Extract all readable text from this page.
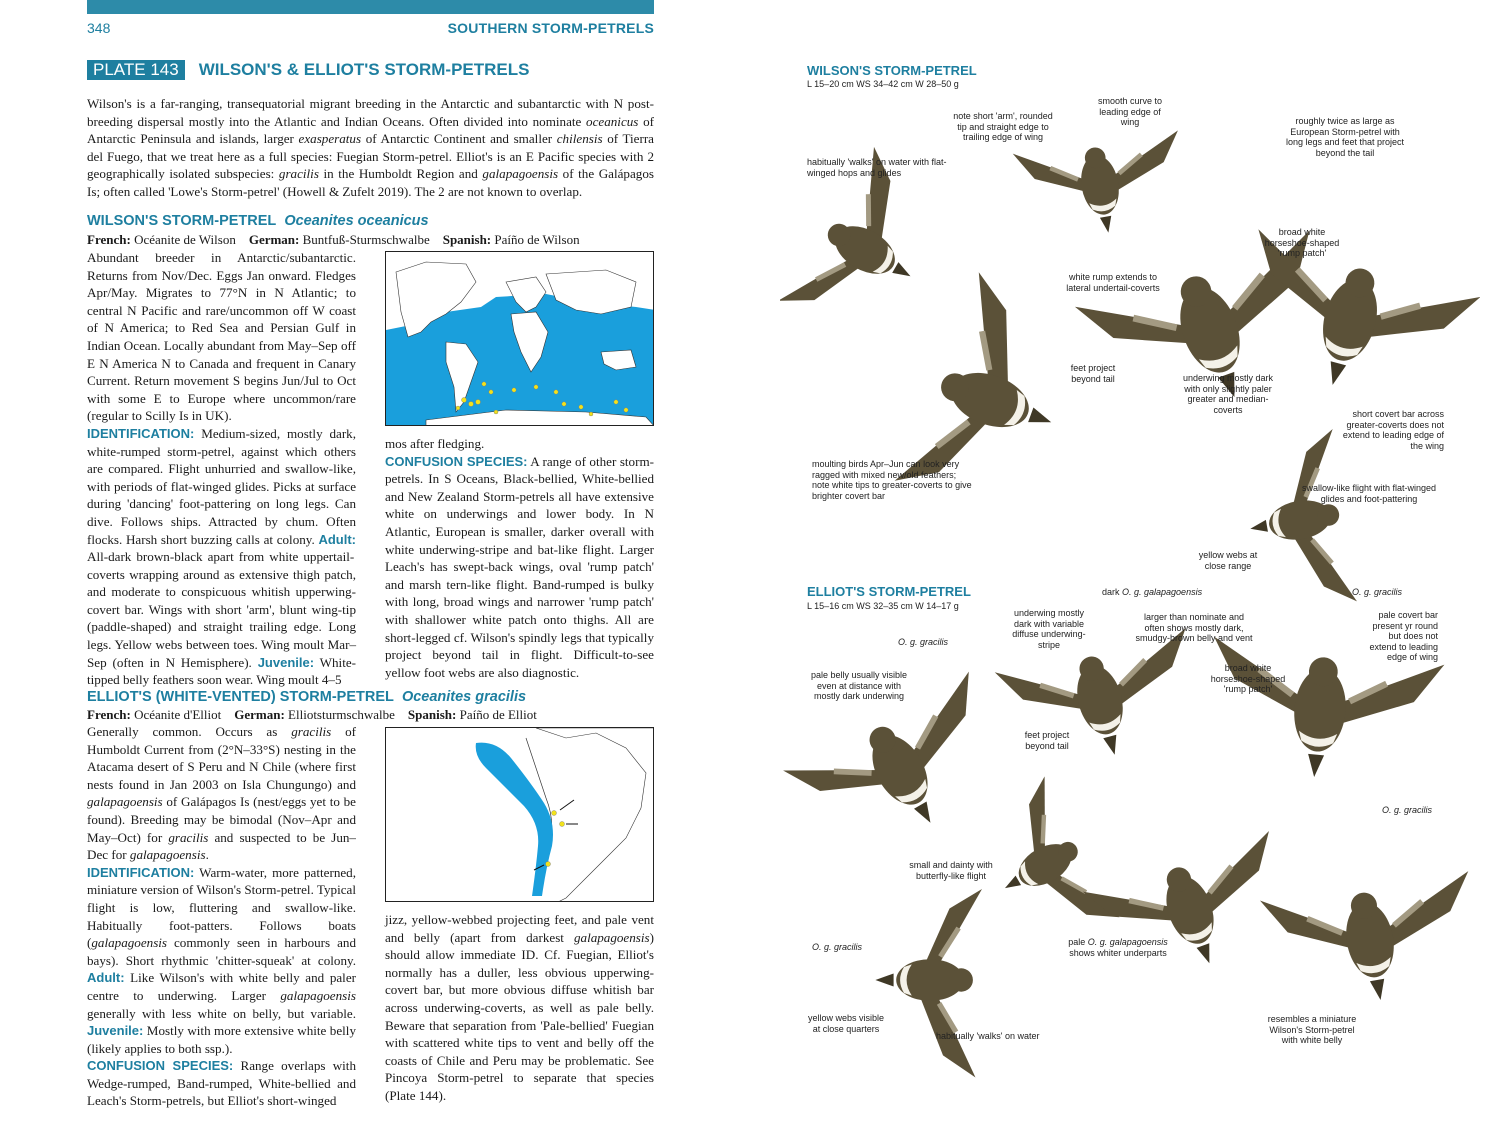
348	SOUTHERN STORM-PETRELS
PLATE 143	WILSON'S & ELLIOT'S STORM-PETRELS
Wilson's is a far-ranging, transequatorial migrant breeding in the Antarctic and subantarctic with N post-breeding dispersal mostly into the Atlantic and Indian Oceans. Often divided into nominate oceanicus of Antarctic Peninsula and islands, larger exasperatus of Antarctic Continent and smaller chilensis of Tierra del Fuego, that we treat here as a full species: Fuegian Storm-petrel. Elliot's is an E Pacific species with 2 geographically isolated subspecies: gracilis in the Humboldt Region and galapagoensis of the Galápagos Is; often called 'Lowe's Storm-petrel' (Howell & Zufelt 2019). The 2 are not known to overlap.
WILSON'S STORM-PETREL Oceanites oceanicus
French: Océanite de Wilson German: Buntfuß-Sturmschwalbe Spanish: Paíño de Wilson

Abundant breeder in Antarctic/subantarctic. Returns from Nov/Dec. Eggs Jan onward. Fledges Apr/May. Migrates to 77°N in N Atlantic; to central N Pacific and rare/uncommon off W coast of N America; to Red Sea and Persian Gulf in Indian Ocean. Locally abundant from May–Sep off E N America N to Canada and frequent in Canary Current. Return movement S begins Jun/Jul to Oct with some E to Europe where uncommon/rare (regular to Scilly Is in UK).

IDENTIFICATION: Medium-sized, mostly dark, white-rumped storm-petrel, against which others are compared. Flight unhurried and swallow-like, with periods of flat-winged glides. Picks at surface during 'dancing' foot-pattering on long legs. Can dive. Follows ships. Attracted by chum. Often flocks. Harsh short buzzing calls at colony. Adult: All-dark brown-black apart from white uppertail-coverts wrapping around as extensive thigh patch, and moderate to conspicuous whitish upperwing-covert bar. Wings with short 'arm', blunt wing-tip (paddle-shaped) and straight trailing edge. Long legs. Yellow webs between toes. Wing moult Mar–Sep (often in N Hemisphere). Juvenile: White-tipped belly feathers soon wear. Wing moult 4–5

mos after fledging.

CONFUSION SPECIES: A range of other storm-petrels. In S Oceans, Black-bellied, White-bellied and New Zealand Storm-petrels all have extensive white on underwings and lower body. In N Atlantic, European is smaller, darker overall with white underwing-stripe and bat-like flight. Larger Leach's has swept-back wings, oval 'rump patch' and marsh tern-like flight. Band-rumped is bulky with long, broad wings and narrower 'rump patch' with shallower white patch onto thighs. All are short-legged cf. Wilson's spindly legs that typically project beyond tail in flight. Difficult-to-see yellow foot webs are also diagnostic.

ELLIOT'S (WHITE-VENTED) STORM-PETREL Oceanites gracilis
French: Océanite d'Elliot German: Elliotsturmschwalbe Spanish: Paíño de Elliot

Generally common. Occurs as gracilis of Humboldt Current from (2°N–33°S) nesting in the Atacama desert of S Peru and N Chile (where first nests found in Jan 2003 on Isla Chungungo) and galapagoensis of Galápagos Is (nest/eggs yet to be found). Breeding may be bimodal (Nov–Apr and May–Oct) for gracilis and suspected to be Jun–Dec for galapagoensis.

IDENTIFICATION: Warm-water, more patterned, miniature version of Wilson's Storm-petrel. Typical flight is low, fluttering and swallow-like. Habitually foot-patters. Follows boats (galapagoensis commonly seen in harbours and bays). Short rhythmic 'chitter-squeak' at colony. Adult: Like Wilson's with white belly and paler centre to underwing. Larger galapagoensis generally with less white on belly, but variable. Juvenile: Mostly with more extensive white belly (likely applies to both ssp.).

CONFUSION SPECIES: Range overlaps with Wedge-rumped, Band-rumped, White-bellied and Leach's Storm-petrels, but Elliot's short-winged

jizz, yellow-webbed projecting feet, and pale vent and belly (apart from darkest galapagoensis) should allow immediate ID. Cf. Fuegian, Elliot's normally has a duller, less obvious upperwing-covert bar, but more obvious diffuse whitish bar across underwing-coverts, as well as pale belly. Beware that separation from 'Pale-bellied' Fuegian with scattered white tips to vent and belly off the coasts of Chile and Peru may be problematic. See Pincoya Storm-petrel to separate that species (Plate 144).

WILSON'S STORM-PETREL
L 15–20 cm WS 34–42 cm W 28–50 g
habitually 'walks' on water with flat-winged hops and glides
note short 'arm', rounded tip and straight edge to trailing edge of wing
smooth curve to leading edge of wing	roughly twice as large as European Storm-petrel with long legs and feet that project beyond the tail
broad white horseshoe-shaped 'rump patch'
white rump extends to lateral undertail-coverts
feet project beyond tail	underwing mostly dark with only slightly paler greater and median-coverts	short covert bar across greater-coverts does not extend to leading edge of the wing
moulting birds Apr–Jun can look very ragged with mixed new/old feathers; note white tips to greater-coverts to give brighter covert bar
swallow-like flight with flat-winged glides and foot-pattering
yellow webs at close range
ELLIOT'S STORM-PETREL
L 15–16 cm WS 32–35 cm W 14–17 g
dark O. g. galapagoensis	O. g. gracilis
underwing mostly dark with variable diffuse underwing-stripe
larger than nominate and often shows mostly dark, smudgy-brown belly and vent
pale covert bar present yr round but does not extend to leading edge of wing
O. g. gracilis
broad white horseshoe-shaped 'rump patch'
pale belly usually visible even at distance with mostly dark underwing
feet project beyond tail
O. g. gracilis
small and dainty with butterfly-like flight
pale O. g. galapagoensis shows whiter underparts
O. g. gracilis
yellow webs visible at close quarters
habitually 'walks' on water
resembles a miniature Wilson's Storm-petrel with white belly
